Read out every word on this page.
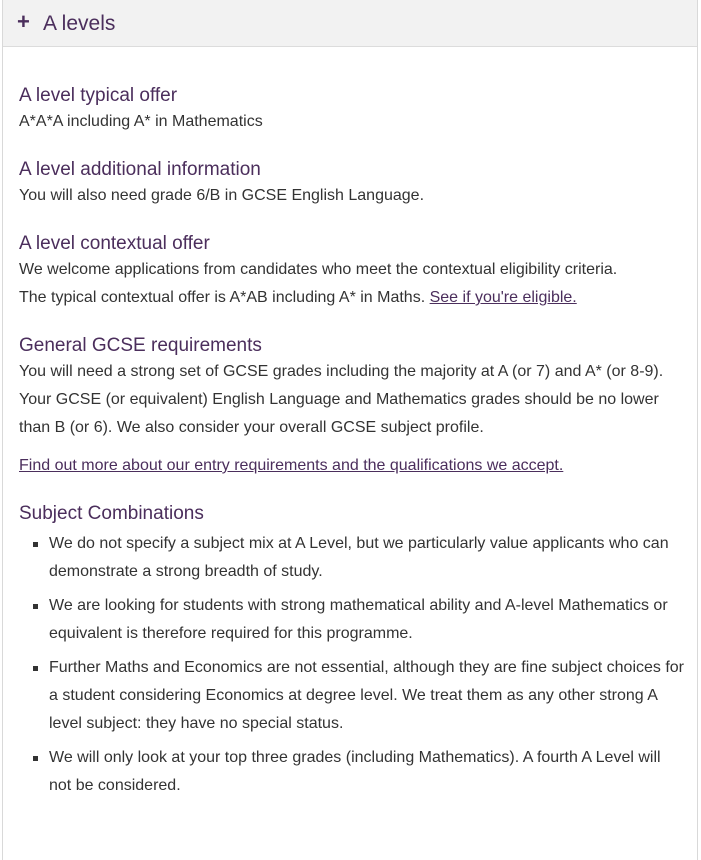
+ A levels
A level typical offer

A*A*A including A* in Mathematics

A level additional information

You will also need grade 6/B in GCSE English Language.

A level contextual offer

We welcome applications from candidates who meet the contextual eligibility criteria.
The typical contextual offer is A*AB including A* in Maths. See if you're eligible.

General GCSE requirements

You will need a strong set of GCSE grades including the majority at A (or 7) and A* (or 8-9). Your GCSE (or equivalent) English Language and Mathematics grades should be no lower than B (or 6). We also consider your overall GCSE subject profile.

Find out more about our entry requirements and the qualifications we accept.

Subject Combinations
We do not specify a subject mix at A Level, but we particularly value applicants who can demonstrate a strong breadth of study.
We are looking for students with strong mathematical ability and A-level Mathematics or equivalent is therefore required for this programme.
Further Maths and Economics are not essential, although they are fine subject choices for a student considering Economics at degree level. We treat them as any other strong A level subject: they have no special status.
We will only look at your top three grades (including Mathematics). A fourth A Level will not be considered.
